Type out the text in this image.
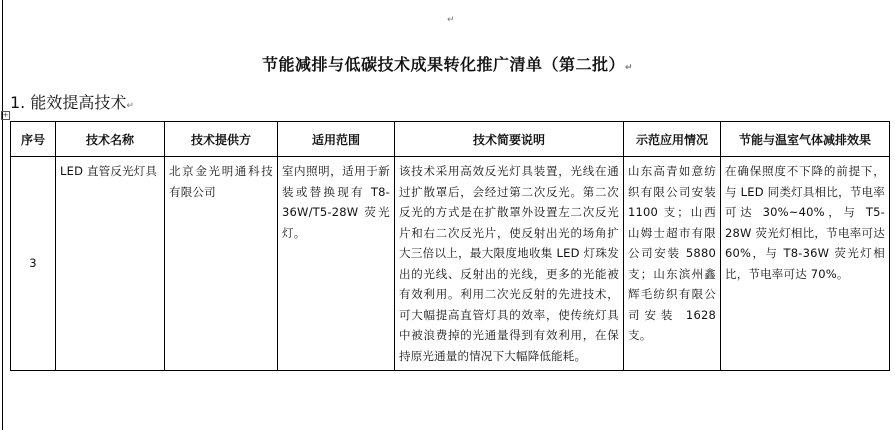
↵
节能减排与低碳技术成果转化推广清单（第二批）↵
1. 能效提高技术↵
+
序号	技术名称	技术提供方	适用范围	技术简要说明	示范应用情况	节能与温室气体减排效果
3	LED 直管反光灯具	北京金光明通科技有限公司	室内照明，适用于新装或替换现有 T8-36W/T5-28W 荧光灯。	该技术采用高效反光灯具装置，光线在通过扩散罩后，会经过第二次反光。第二次反光的方式是在扩散罩外设置左二次反光片和右二次反光片，使反射出光的场角扩大三倍以上，最大限度地收集 LED 灯珠发出的光线、反射出的光线，更多的光能被有效利用。利用二次光反射的先进技术，可大幅提高直管灯具的效率，使传统灯具中被浪费掉的光通量得到有效利用，在保持原光通量的情况下大幅降低能耗。	山东高青如意纺织有限公司安装 1100 支；山西山姆士超市有限公司安装 5880 支；山东滨州鑫辉毛纺织有限公司安装 1628 支。	在确保照度不下降的前提下，与 LED 同类灯具相比，节电率可达 30%~40%，与 T5-28W 荧光灯相比，节电率可达 60%，与 T8-36W 荧光灯相比，节电率可达 70%。
